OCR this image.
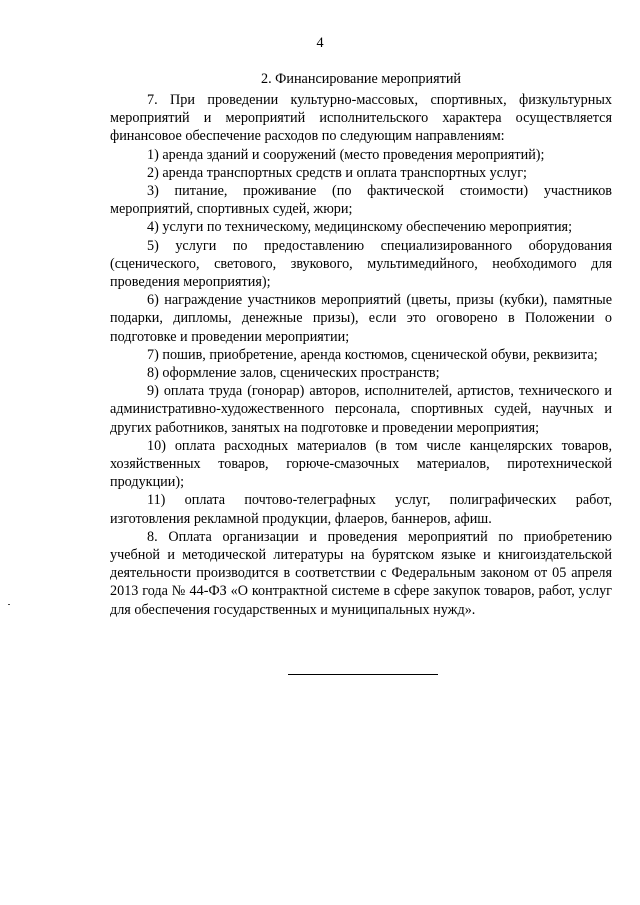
4
2. Финансирование мероприятий

7. При проведении культурно-массовых, спортивных, физкультурных мероприятий и мероприятий исполнительского характера осуществляется финансовое обеспечение расходов по следующим направлениям:

1) аренда зданий и сооружений (место проведения мероприятий);

2) аренда транспортных средств и оплата транспортных услуг;

3) питание, проживание (по фактической стоимости) участников мероприятий, спортивных судей, жюри;

4) услуги по техническому, медицинскому обеспечению мероприятия;

5) услуги по предоставлению специализированного оборудования (сценического, светового, звукового, мультимедийного, необходимого для проведения мероприятия);

6) награждение участников мероприятий (цветы, призы (кубки), памятные подарки, дипломы, денежные призы), если это оговорено в Положении о подготовке и проведении мероприятии;

7) пошив, приобретение, аренда костюмов, сценической обуви, реквизита;

8) оформление залов, сценических пространств;

9) оплата труда (гонорар) авторов, исполнителей, артистов, технического и административно-художественного персонала, спортивных судей, научных и других работников, занятых на подготовке и проведении мероприятия;

10) оплата расходных материалов (в том числе канцелярских товаров, хозяйственных товаров, горюче-смазочных материалов, пиротехнической продукции);

11) оплата почтово-телеграфных услуг, полиграфических работ, изготовления рекламной продукции, флаеров, баннеров, афиш.

8. Оплата организации и проведения мероприятий по приобретению учебной и методической литературы на бурятском языке и книгоиздательской деятельности производится в соответствии с Федеральным законом от 05 апреля 2013 года № 44-ФЗ «О контрактной системе в сфере закупок товаров, работ, услуг для обеспечения государственных и муниципальных нужд».
